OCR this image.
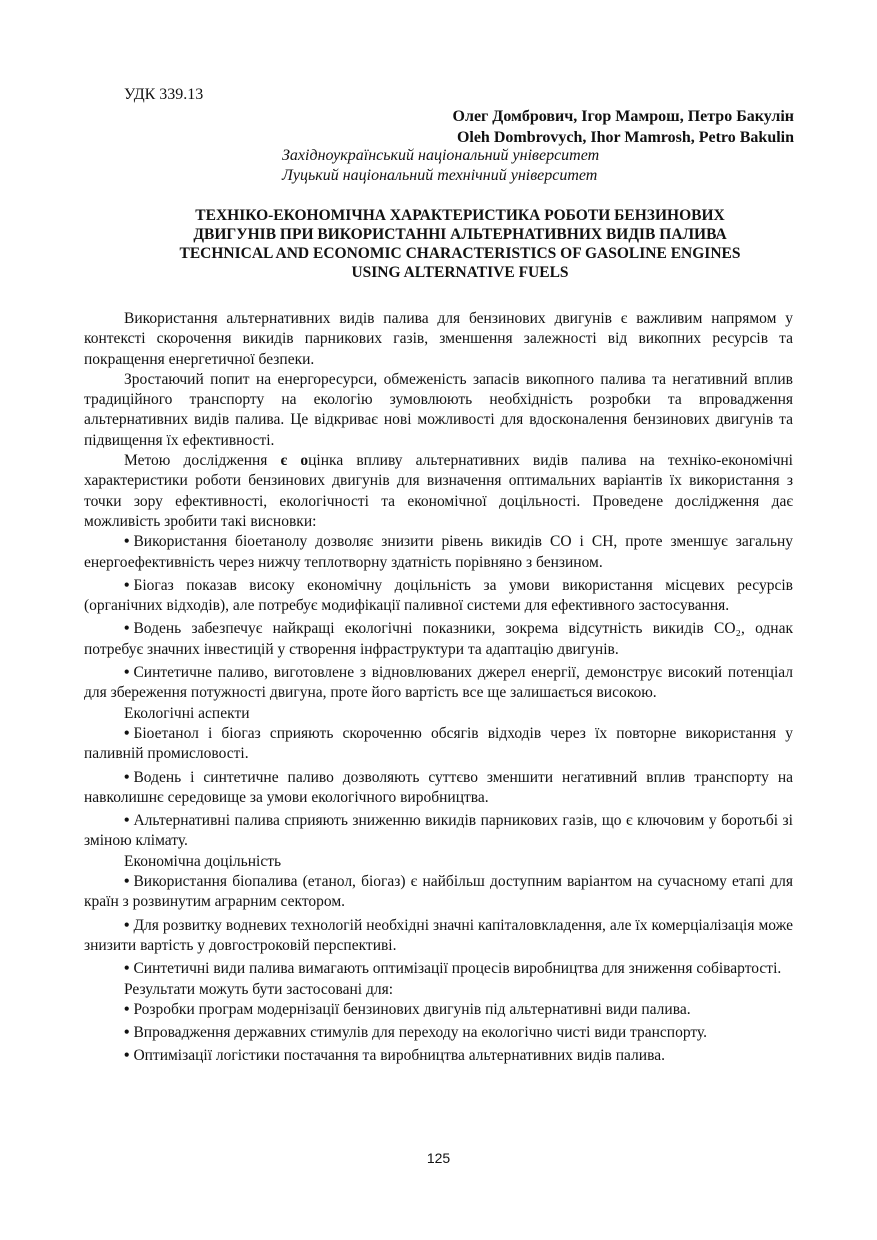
УДК 339.13
Олег Домбрович, Ігор Мамрош, Петро Бакулін
Oleh Dombrovych, Ihor Mamrosh, Petro Bakulin
Західноукраїнський національний університет
Луцький національний технічний університет
ТЕХНІКО-ЕКОНОМІЧНА ХАРАКТЕРИСТИКА РОБОТИ БЕНЗИНОВИХ
ДВИГУНІВ ПРИ ВИКОРИСТАННІ АЛЬТЕРНАТИВНИХ ВИДІВ ПАЛИВА
TECHNICAL AND ECONOMIC CHARACTERISTICS OF GASOLINE ENGINES
USING ALTERNATIVE FUELS

Використання альтернативних видів палива для бензинових двигунів є важливим напрямом у контексті скорочення викидів парникових газів, зменшення залежності від викопних ресурсів та покращення енергетичної безпеки.

Зростаючий попит на енергоресурси, обмеженість запасів викопного палива та негативний вплив традиційного транспорту на екологію зумовлюють необхідність розробки та впровадження альтернативних видів палива. Це відкриває нові можливості для вдосконалення бензинових двигунів та підвищення їх ефективності.

Метою дослідження є оцінка впливу альтернативних видів палива на техніко-економічні характеристики роботи бензинових двигунів для визначення оптимальних варіантів їх використання з точки зору ефективності, екологічності та економічної доцільності. Проведене дослідження дає можливість зробити такі висновки:

• Використання біоетанолу дозволяє знизити рівень викидів CO і CH, проте зменшує загальну енергоефективність через нижчу теплотворну здатність порівняно з бензином.

• Біогаз показав високу економічну доцільність за умови використання місцевих ресурсів (органічних відходів), але потребує модифікації паливної системи для ефективного застосування.

• Водень забезпечує найкращі екологічні показники, зокрема відсутність викидів CO₂, однак потребує значних інвестицій у створення інфраструктури та адаптацію двигунів.

• Синтетичне паливо, виготовлене з відновлюваних джерел енергії, демонструє високий потенціал для збереження потужності двигуна, проте його вартість все ще залишається високою.

Екологічні аспекти

• Біоетанол і біогаз сприяють скороченню обсягів відходів через їх повторне використання у паливній промисловості.

• Водень і синтетичне паливо дозволяють суттєво зменшити негативний вплив транспорту на навколишнє середовище за умови екологічного виробництва.

• Альтернативні палива сприяють зниженню викидів парникових газів, що є ключовим у боротьбі зі зміною клімату.

Економічна доцільність

• Використання біопалива (етанол, біогаз) є найбільш доступним варіантом на сучасному етапі для країн з розвинутим аграрним сектором.

• Для розвитку водневих технологій необхідні значні капіталовкладення, але їх комерціалізація може знизити вартість у довгостроковій перспективі.

• Синтетичні види палива вимагають оптимізації процесів виробництва для зниження собівартості.

Результати можуть бути застосовані для:

• Розробки програм модернізації бензинових двигунів під альтернативні види палива.

• Впровадження державних стимулів для переходу на екологічно чисті види транспорту.

• Оптимізації логістики постачання та виробництва альтернативних видів палива.

125
